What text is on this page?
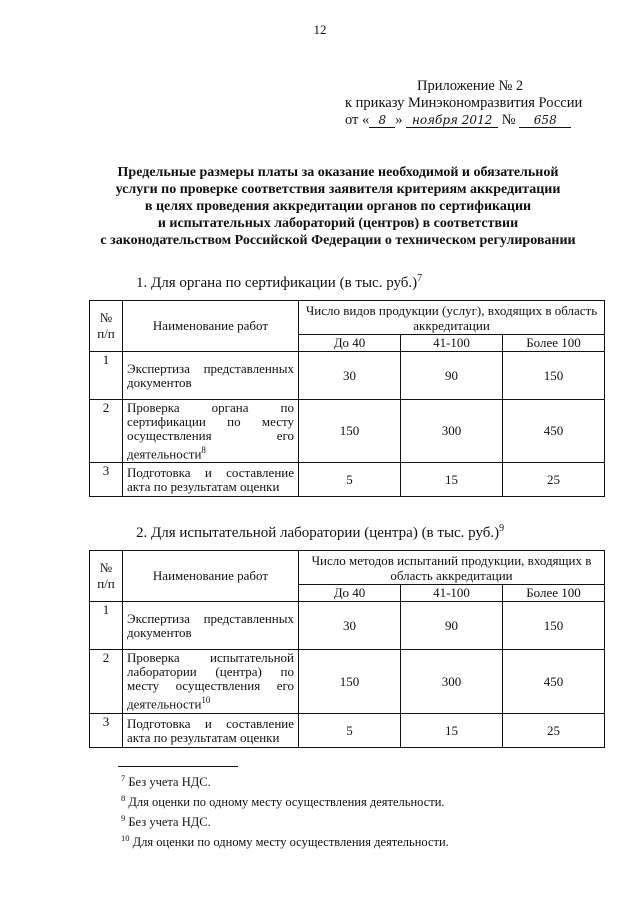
12
Приложение № 2
к приказу Минэкономразвития России
от « 8 » ноября 2012 № 658
Предельные размеры платы за оказание необходимой и обязательной
услуги по проверке соответствия заявителя критериям аккредитации
в целях проведения аккредитации органов по сертификации
и испытательных лабораторий (центров) в соответствии
с законодательством Российской Федерации о техническом регулировании
1. Для органа по сертификации (в тыс. руб.)$^7$
№ п/п	Наименование работ	Число видов продукции (услуг), входящих в область аккредитации		
		До 40	41-100	Более 100
1	Экспертиза представленных документов	30	90	150
2	Проверка органа по сертификации по месту осуществления его деятельности$^8$	150	300	450
3	Подготовка и составление акта по результатам оценки	5	15	25
2. Для испытательной лаборатории (центра) (в тыс. руб.)$^9$
№ п/п	Наименование работ	Число методов испытаний продукции, входящих в область аккредитации		
		До 40	41-100	Более 100
1	Экспертиза представленных документов	30	90	150
2	Проверка испытательной лаборатории (центра) по месту осуществления его деятельности$^{10}$	150	300	450
3	Подготовка и составление акта по результатам оценки	5	15	25
$^7$ Без учета НДС.
$^8$ Для оценки по одному месту осуществления деятельности.
$^9$ Без учета НДС.
$^{10}$ Для оценки по одному месту осуществления деятельности.
